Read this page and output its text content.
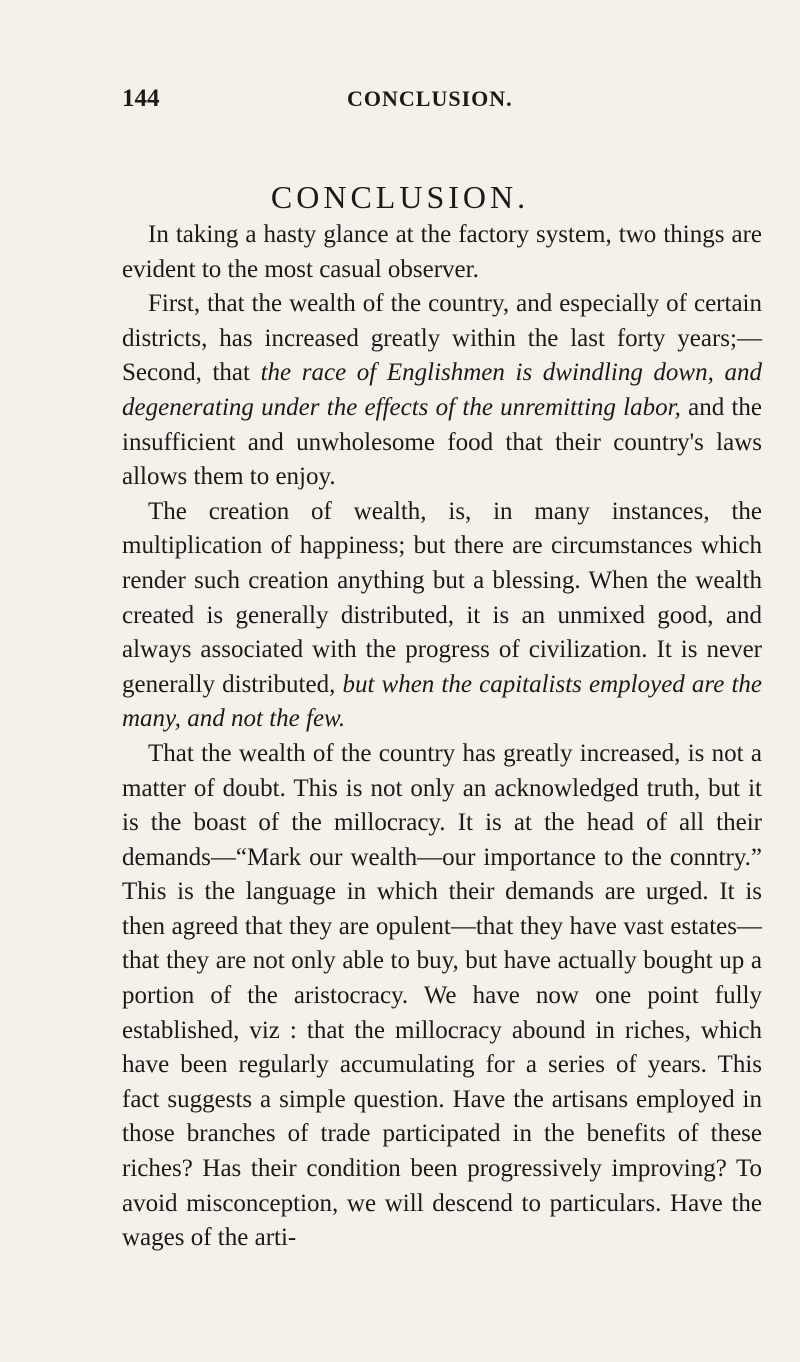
144	CONCLUSION.
CONCLUSION.

In taking a hasty glance at the factory system, two things are evident to the most casual observer.

First, that the wealth of the country, and especially of certain districts, has increased greatly within the last forty years;—Second, that the race of Englishmen is dwindling down, and degenerating under the effects of the unremitting labor, and the insufficient and unwholesome food that their country's laws allows them to enjoy.

The creation of wealth, is, in many instances, the multiplication of happiness; but there are circumstances which render such creation anything but a blessing. When the wealth created is generally distributed, it is an unmixed good, and always associated with the progress of civilization. It is never generally distributed, but when the capitalists employed are the many, and not the few.

That the wealth of the country has greatly increased, is not a matter of doubt. This is not only an acknowledged truth, but it is the boast of the millocracy. It is at the head of all their demands—“Mark our wealth—our importance to the conntry.” This is the language in which their demands are urged. It is then agreed that they are opulent—that they have vast estates—that they are not only able to buy, but have actually bought up a portion of the aristocracy. We have now one point fully established, viz : that the millocracy abound in riches, which have been regularly accumulating for a series of years. This fact suggests a simple question. Have the artisans employed in those branches of trade participated in the benefits of these riches? Has their condition been progressively improving? To avoid misconception, we will descend to particulars. Have the wages of the arti-
